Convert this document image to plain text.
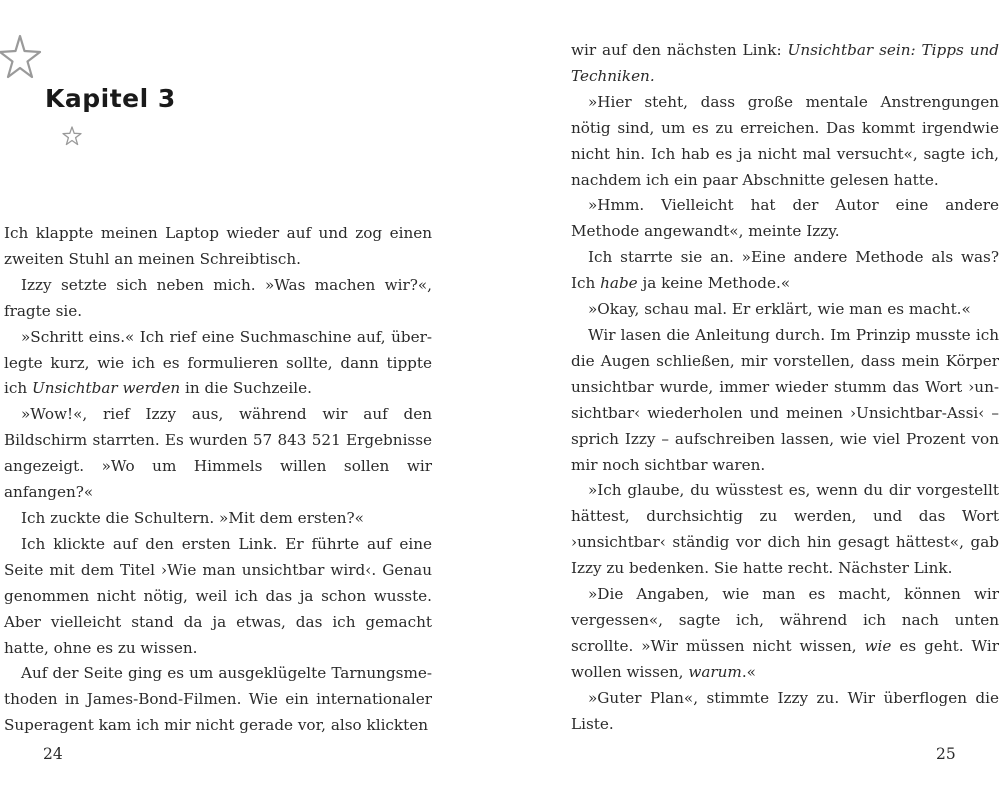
Kapitel 3

Ich klappte meinen Laptop wieder auf und zog einen zweiten Stuhl an meinen Schreibtisch.

Izzy setzte sich neben mich. »Was machen wir?«, fragte sie.

»Schritt eins.« Ich rief eine Suchmaschine auf, überlegte kurz, wie ich es formulieren sollte, dann tippte ich Unsichtbar werden in die Suchzeile.

»Wow!«, rief Izzy aus, während wir auf den Bildschirm starrten. Es wurden 57 843 521 Ergebnisse angezeigt. »Wo um Himmels willen sollen wir anfangen?«

Ich zuckte die Schultern. »Mit dem ersten?«

Ich klickte auf den ersten Link. Er führte auf eine Seite mit dem Titel ›Wie man unsichtbar wird‹. Genau genommen nicht nötig, weil ich das ja schon wusste. Aber vielleicht stand da ja etwas, das ich gemacht hatte, ohne es zu wissen.

Auf der Seite ging es um ausgeklügelte Tarnungsmethoden in James-Bond-Filmen. Wie ein internationaler Superagent kam ich mir nicht gerade vor, also klickten

24

wir auf den nächsten Link: Unsichtbar sein: Tipps und Techniken.

»Hier steht, dass große mentale Anstrengungen nötig sind, um es zu erreichen. Das kommt irgendwie nicht hin. Ich hab es ja nicht mal versucht«, sagte ich, nachdem ich ein paar Abschnitte gelesen hatte.

»Hmm. Vielleicht hat der Autor eine andere Methode angewandt«, meinte Izzy.

Ich starrte sie an. »Eine andere Methode als was? Ich habe ja keine Methode.«

»Okay, schau mal. Er erklärt, wie man es macht.«

Wir lasen die Anleitung durch. Im Prinzip musste ich die Augen schließen, mir vorstellen, dass mein Körper unsichtbar wurde, immer wieder stumm das Wort ›unsichtbar‹ wiederholen und meinen ›Unsichtbar-Assi‹ – sprich Izzy – aufschreiben lassen, wie viel Prozent von mir noch sichtbar waren.

»Ich glaube, du wüsstest es, wenn du dir vorgestellt hättest, durchsichtig zu werden, und das Wort ›unsichtbar‹ ständig vor dich hin gesagt hättest«, gab Izzy zu bedenken. Sie hatte recht. Nächster Link.

»Die Angaben, wie man es macht, können wir vergessen«, sagte ich, während ich nach unten scrollte. »Wir müssen nicht wissen, wie es geht. Wir wollen wissen, warum.«

»Guter Plan«, stimmte Izzy zu. Wir überflogen die Liste.

25
